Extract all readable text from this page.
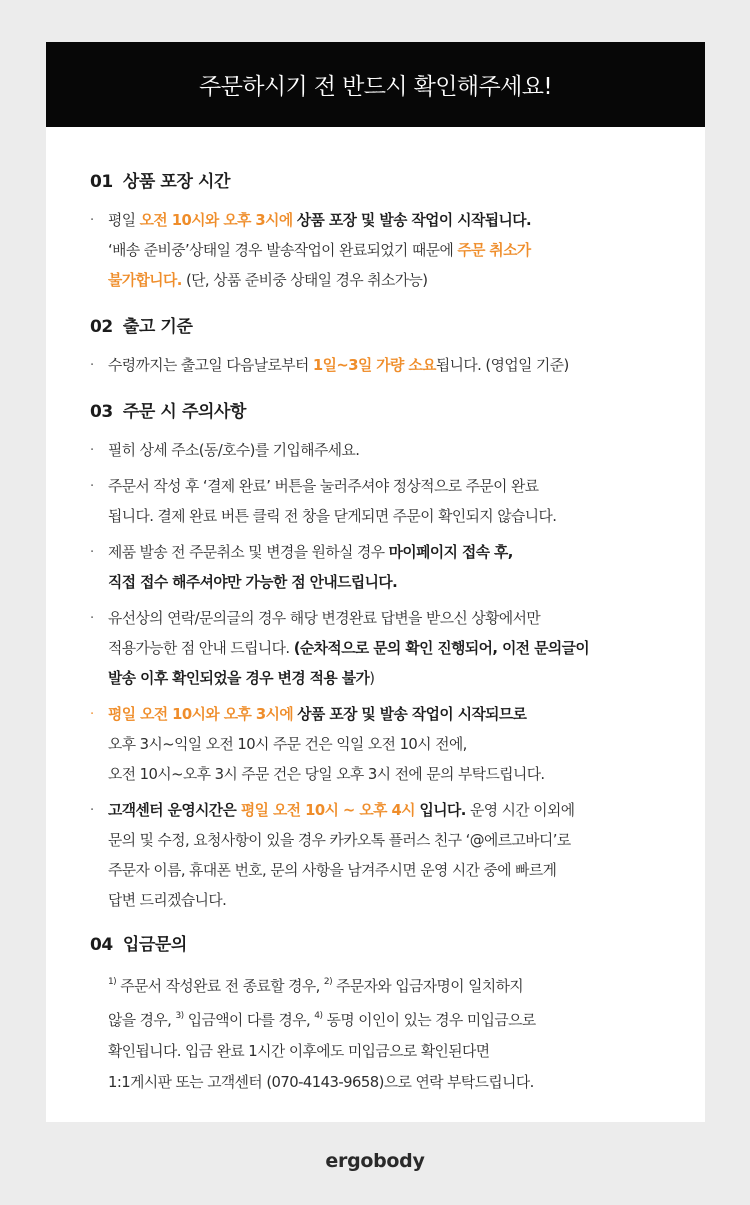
주문하시기 전 반드시 확인해주세요!
01 상품 포장 시간
· 평일 오전 10시와 오후 3시에 상품 포장 및 발송 작업이 시작됩니다.
‘배송 준비중’상태일 경우 발송작업이 완료되었기 때문에 주문 취소가
불가합니다. (단, 상품 준비중 상태일 경우 취소가능)
02 출고 기준
· 수령까지는 출고일 다음날로부터 1일~3일 가량 소요됩니다. (영업일 기준)
03 주문 시 주의사항
· 필히 상세 주소(동/호수)를 기입해주세요.
· 주문서 작성 후 ‘결제 완료’ 버튼을 눌러주셔야 정상적으로 주문이 완료
됩니다. 결제 완료 버튼 클릭 전 창을 닫게되면 주문이 확인되지 않습니다.
· 제품 발송 전 주문취소 및 변경을 원하실 경우 마이페이지 접속 후,
직접 접수 해주셔야만 가능한 점 안내드립니다.
· 유선상의 연락/문의글의 경우 해당 변경완료 답변을 받으신 상황에서만
적용가능한 점 안내 드립니다. (순차적으로 문의 확인 진행되어, 이전 문의글이
발송 이후 확인되었을 경우 변경 적용 불가)
· 평일 오전 10시와 오후 3시에 상품 포장 및 발송 작업이 시작되므로
오후 3시~익일 오전 10시 주문 건은 익일 오전 10시 전에,
오전 10시~오후 3시 주문 건은 당일 오후 3시 전에 문의 부탁드립니다.
· 고객센터 운영시간은 평일 오전 10시 ~ 오후 4시 입니다. 운영 시간 이외에
문의 및 수정, 요청사항이 있을 경우 카카오톡 플러스 친구 ‘@에르고바디’로
주문자 이름, 휴대폰 번호, 문의 사항을 남겨주시면 운영 시간 중에 빠르게
답변 드리겠습니다.
04 입금문의
$^{1)}$ 주문서 작성완료 전 종료할 경우, $^{2)}$ 주문자와 입금자명이 일치하지
않을 경우, $^{3)}$ 입금액이 다를 경우, $^{4)}$ 동명 이인이 있는 경우 미입금으로
확인됩니다. 입금 완료 1시간 이후에도 미입금으로 확인된다면
1:1게시판 또는 고객센터 (070-4143-9658)으로 연락 부탁드립니다.
ergobody
